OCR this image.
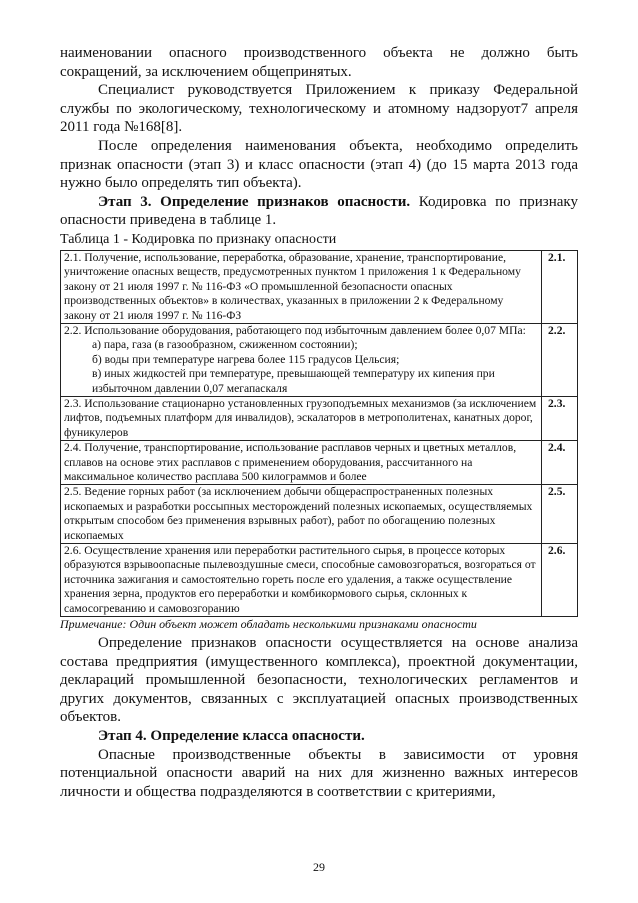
наименовании опасного производственного объекта не должно быть сокращений, за исключением общепринятых.

Специалист руководствуется Приложением к приказу Федеральной службы по экологическому, технологическому и атомному надзоруот7 апреля 2011 года №168[8].

После определения наименования объекта, необходимо определить признак опасности (этап 3) и класс опасности (этап 4) (до 15 марта 2013 года нужно было определять тип объекта).

Этап 3. Определение признаков опасности. Кодировка по признаку опасности приведена в таблице 1.

Таблица 1 - Кодировка по признаку опасности

2.1. Получение, использование, переработка, образование, хранение, транспортирование, уничтожение опасных веществ, предусмотренных пунктом 1 приложения 1 к Федеральному закону от 21 июля 1997 г. № 116-ФЗ «О промышленной безопасности опасных производственных объектов» в количествах, указанных в приложении 2 к Федеральному закону от 21 июля 1997 г. № 116-ФЗ	2.1.

2.2. Использование оборудования, работающего под избыточным давлением более 0,07 МПа:
а) пара, газа (в газообразном, сжиженном состоянии);
б) воды при температуре нагрева более 115 градусов Цельсия;
в) иных жидкостей при температуре, превышающей температуру их кипения при избыточном давлении 0,07 мегапаскаля	2.2.
2.3. Использование стационарно установленных грузоподъемных механизмов (за исключением лифтов, подъемных платформ для инвалидов), эскалаторов в метрополитенах, канатных дорог, фуникулеров	2.3.
2.4. Получение, транспортирование, использование расплавов черных и цветных металлов, сплавов на основе этих расплавов с применением оборудования, рассчитанного на максимальное количество расплава 500 килограммов и более	2.4.
2.5. Ведение горных работ (за исключением добычи общераспространенных полезных ископаемых и разработки россыпных месторождений полезных ископаемых, осуществляемых открытым способом без применения взрывных работ), работ по обогащению полезных ископаемых	2.5.
2.6. Осуществление хранения или переработки растительного сырья, в процессе которых образуются взрывоопасные пылевоздушные смеси, способные самовозгораться, возгораться от источника зажигания и самостоятельно гореть после его удаления, а также осуществление хранения зерна, продуктов его переработки и комбикормового сырья, склонных к самосогреванию и самовозгоранию	2.6.

Примечание: Один объект может обладать несколькими признаками опасности

Определение признаков опасности осуществляется на основе анализа состава предприятия (имущественного комплекса), проектной документации, деклараций промышленной безопасности, технологических регламентов и других документов, связанных с эксплуатацией опасных производственных объектов.

Этап 4. Определение класса опасности.

Опасные производственные объекты в зависимости от уровня потенциальной опасности аварий на них для жизненно важных интересов личности и общества подразделяются в соответствии с критериями,

29
